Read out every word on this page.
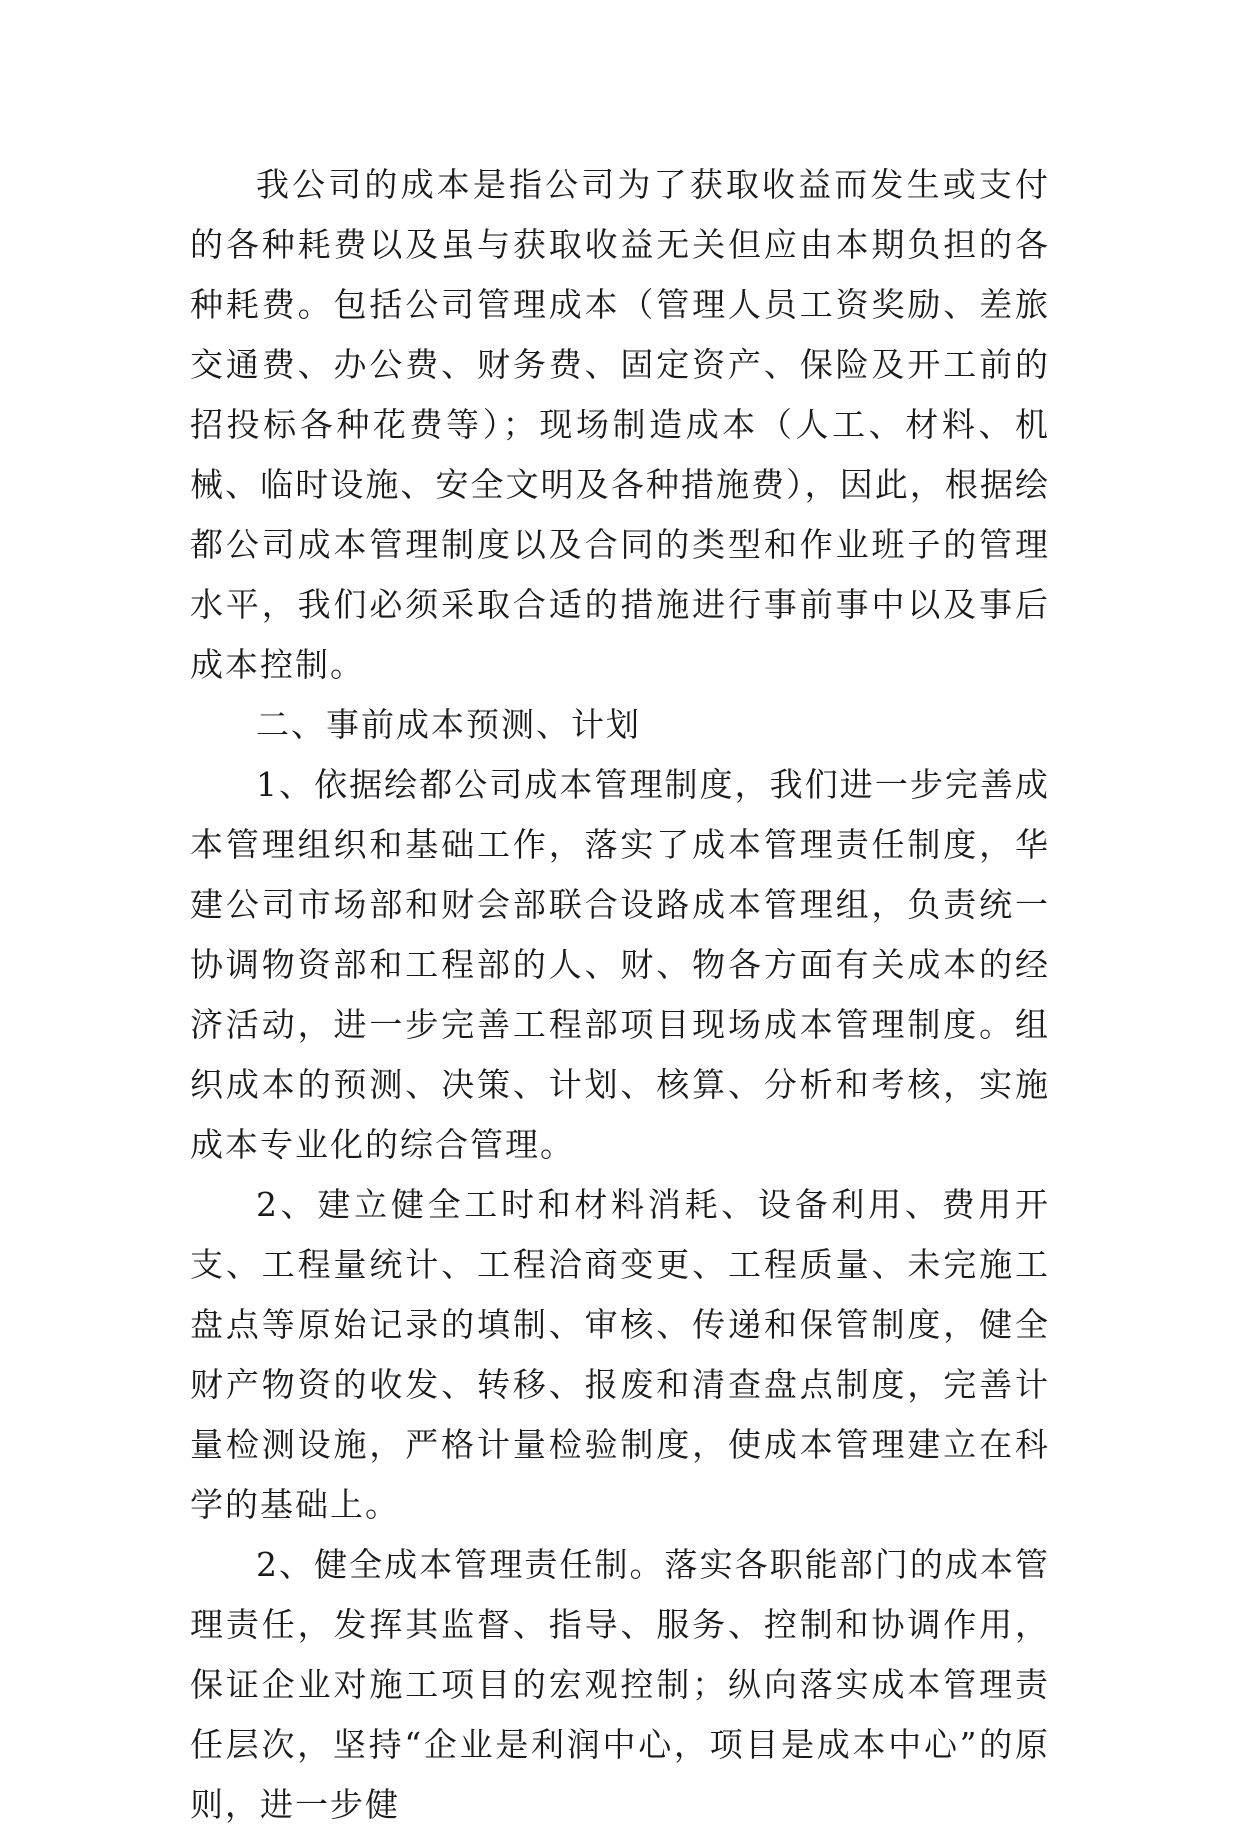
我公司的成本是指公司为了获取收益而发生或支付的各种耗费以及虽与获取收益无关但应由本期负担的各种耗费。包括公司管理成本（管理人员工资奖励、差旅交通费、办公费、财务费、固定资产、保险及开工前的招投标各种花费等）；现场制造成本（人工、材料、机械、临时设施、安全文明及各种措施费），因此，根据绘都公司成本管理制度以及合同的类型和作业班子的管理水平，我们必须采取合适的措施进行事前事中以及事后成本控制。

二、事前成本预测、计划

1、依据绘都公司成本管理制度，我们进一步完善成本管理组织和基础工作，落实了成本管理责任制度，华建公司市场部和财会部联合设路成本管理组，负责统一协调物资部和工程部的人、财、物各方面有关成本的经济活动，进一步完善工程部项目现场成本管理制度。组织成本的预测、决策、计划、核算、分析和考核，实施成本专业化的综合管理。

2、建立健全工时和材料消耗、设备利用、费用开支、工程量统计、工程洽商变更、工程质量、未完施工盘点等原始记录的填制、审核、传递和保管制度，健全财产物资的收发、转移、报废和清查盘点制度，完善计量检测设施，严格计量检验制度，使成本管理建立在科学的基础上。

2、健全成本管理责任制。落实各职能部门的成本管理责任，发挥其监督、指导、服务、控制和协调作用，保证企业对施工项目的宏观控制；纵向落实成本管理责任层次，坚持“企业是利润中心，项目是成本中心”的原则，进一步健
